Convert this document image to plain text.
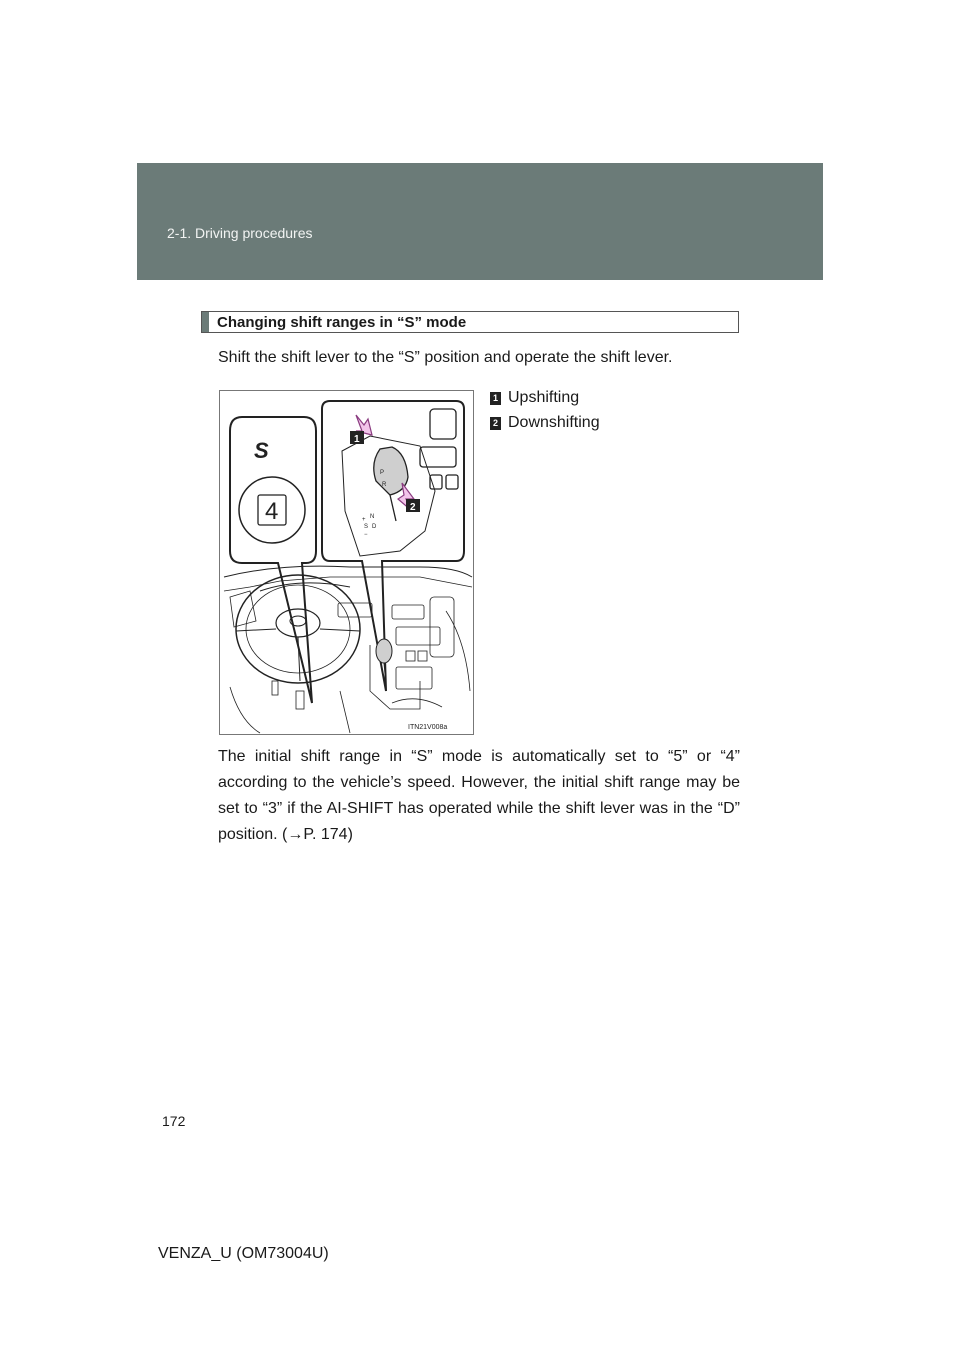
2-1. Driving procedures
Changing shift ranges in “S” mode
Shift the shift lever to the “S” position and operate the shift lever.
S
4
1
2
P
R
N
D
S
+
−
ITN21V008a
1 Upshifting
2 Downshifting
The initial shift range in “S” mode is automatically set to “5” or “4” according to the vehicle’s speed. However, the initial shift range may be set to “3” if the AI-SHIFT has operated while the shift lever was in the “D” position. (→P. 174)
172
VENZA_U (OM73004U)
